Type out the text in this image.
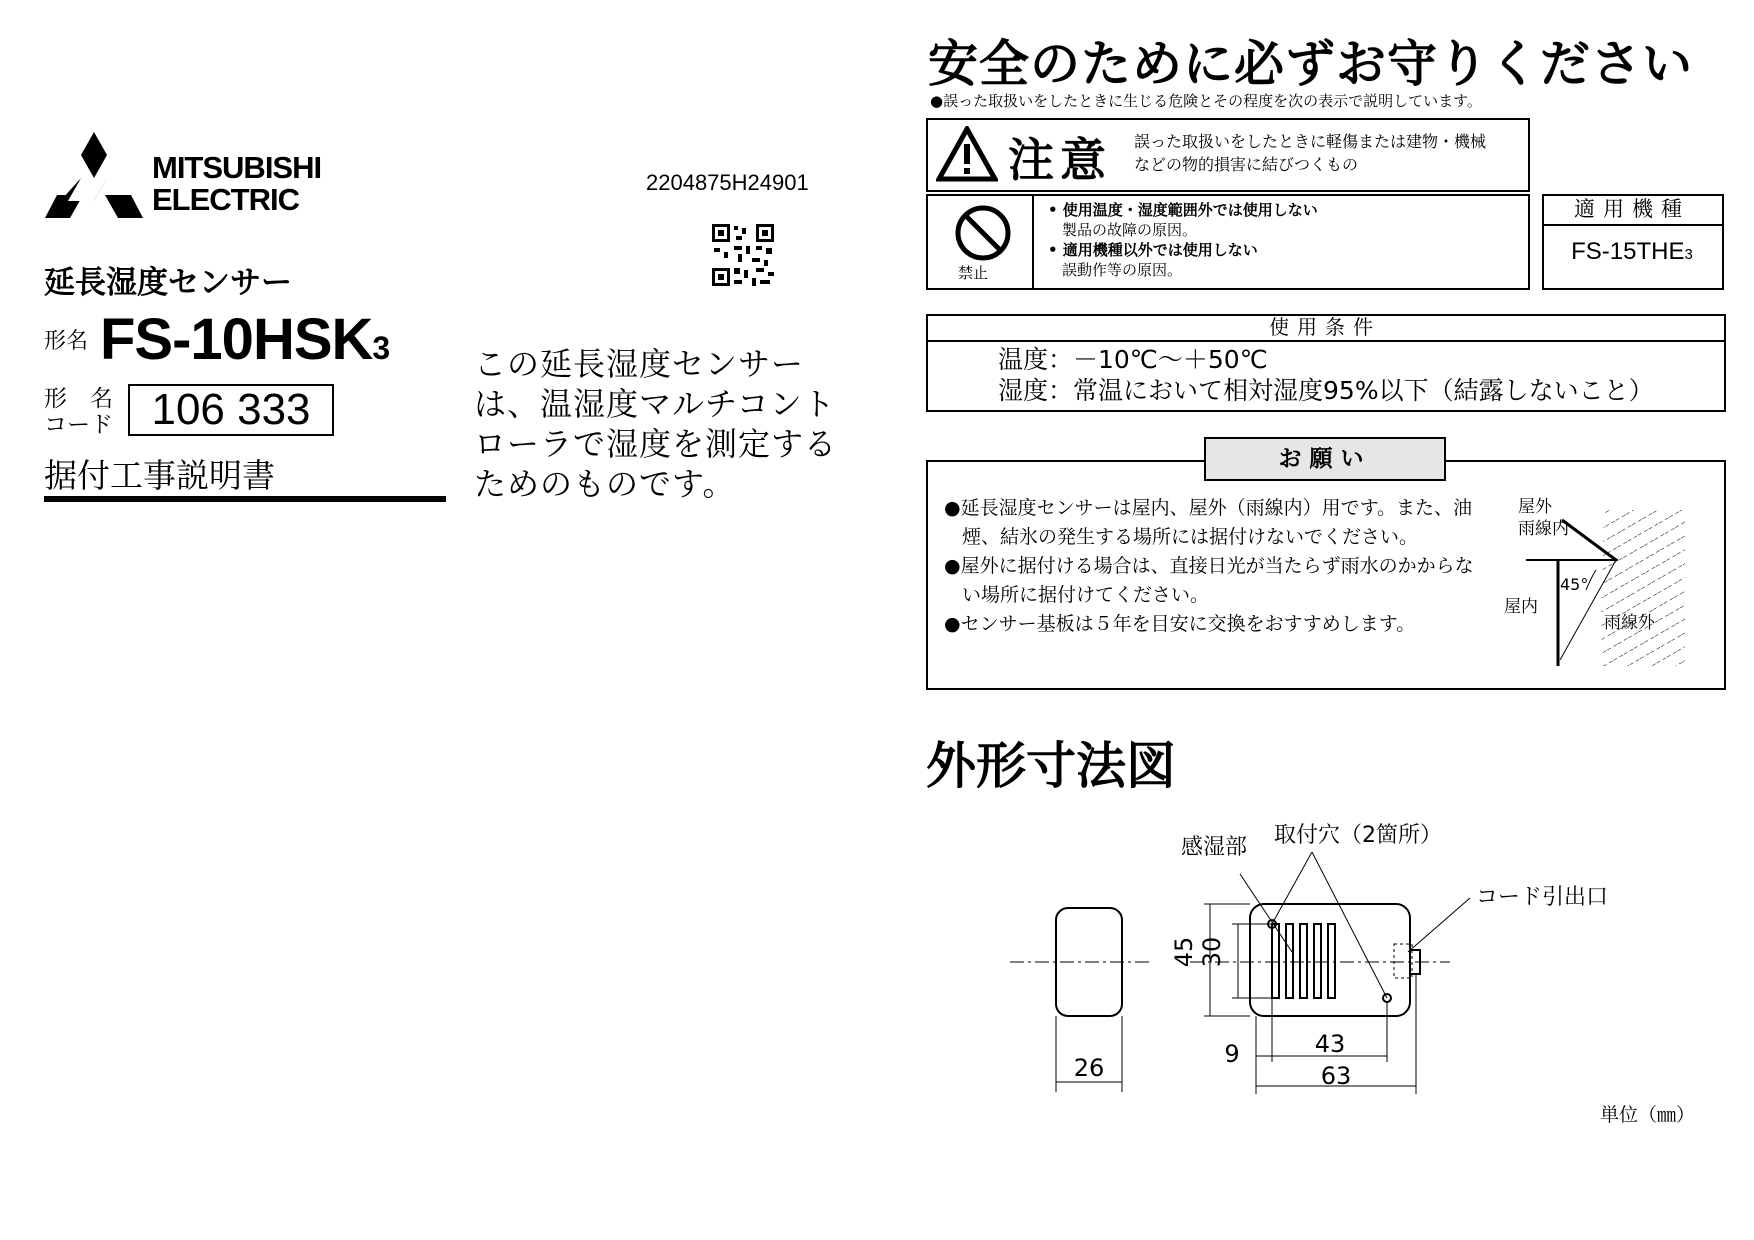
MITSUBISHI
ELECTRIC	2204875H24901
延長湿度センサー
形名 FS-10HSK3
形　名
コード 106 333
据付工事説明書
この延長湿度センサーは、温湿度マルチコントローラで湿度を測定するためのものです。
安全のために必ずお守りください
●誤った取扱いをしたときに生じる危険とその程度を次の表示で説明しています。
注意 誤った取扱いをしたときに軽傷または建物・機械
などの物的損害に結びつくもの
禁止
• 使用温度・湿度範囲外では使用しない
製品の故障の原因。
• 適用機種以外では使用しない
誤動作等の原因。
適用機種
FS-15THE3
使用条件
温度：－10℃～＋50℃
湿度：常温において相対湿度95%以下（結露しないこと）
お願い
●延長湿度センサーは屋内、屋外（雨線内）用です。また、油煙、結氷の発生する場所には据付けないでください。
●屋外に据付ける場合は、直接日光が当たらず雨水のかからない場所に据付けてください。
●センサー基板は５年を目安に交換をおすすめします。
屋外
雨線内
45°
屋内
雨線外
外形寸法図
26
感湿部 取付穴（2箇所）
コード引出口
45 30
9	43
63
単位（㎜）
